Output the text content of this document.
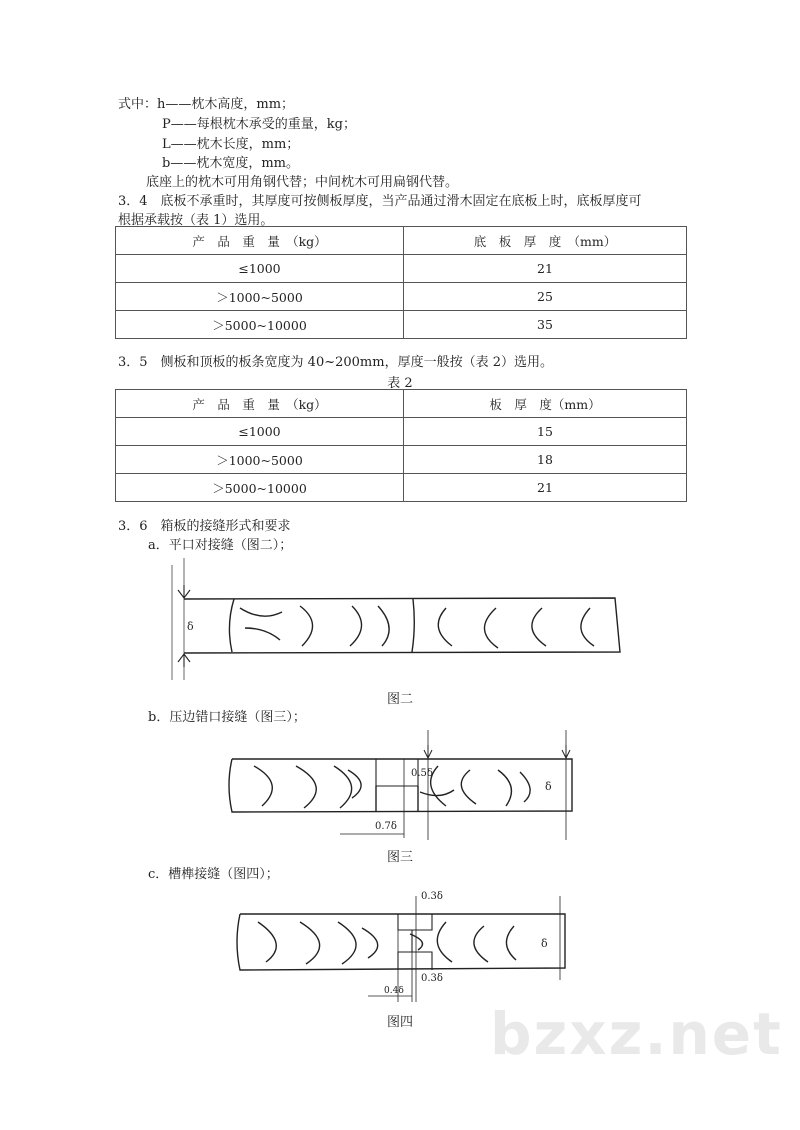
式中：h——枕木高度，mm；
P——每根枕木承受的重量，kg；
L——枕木长度，mm；
b——枕木宽度，mm。
底座上的枕木可用角钢代替；中间枕木可用扁钢代替。
3．4　底板不承重时，其厚度可按侧板厚度，当产品通过滑木固定在底板上时，底板厚度可
根据承载按（表 1）选用。
产　品　重　量　（kg）	底　板　厚　度　（mm）
≤1000	21
＞1000~5000	25
＞5000~10000	35
3．5　侧板和顶板的板条宽度为 40~200mm，厚度一般按（表 2）选用。
表 2
产　品　重　量　（kg）	板　厚　度（mm）
≤1000	15
＞1000~5000	18
＞5000~10000	21
3．6　箱板的接缝形式和要求
a．平口对接缝（图二）；
δ
图二
b．压边错口接缝（图三）；
0.5δ
δ
0.7δ
图三
c．槽榫接缝（图四）；
0.3δ
δ
0.3δ
0.4δ
图四 bzxz.net
